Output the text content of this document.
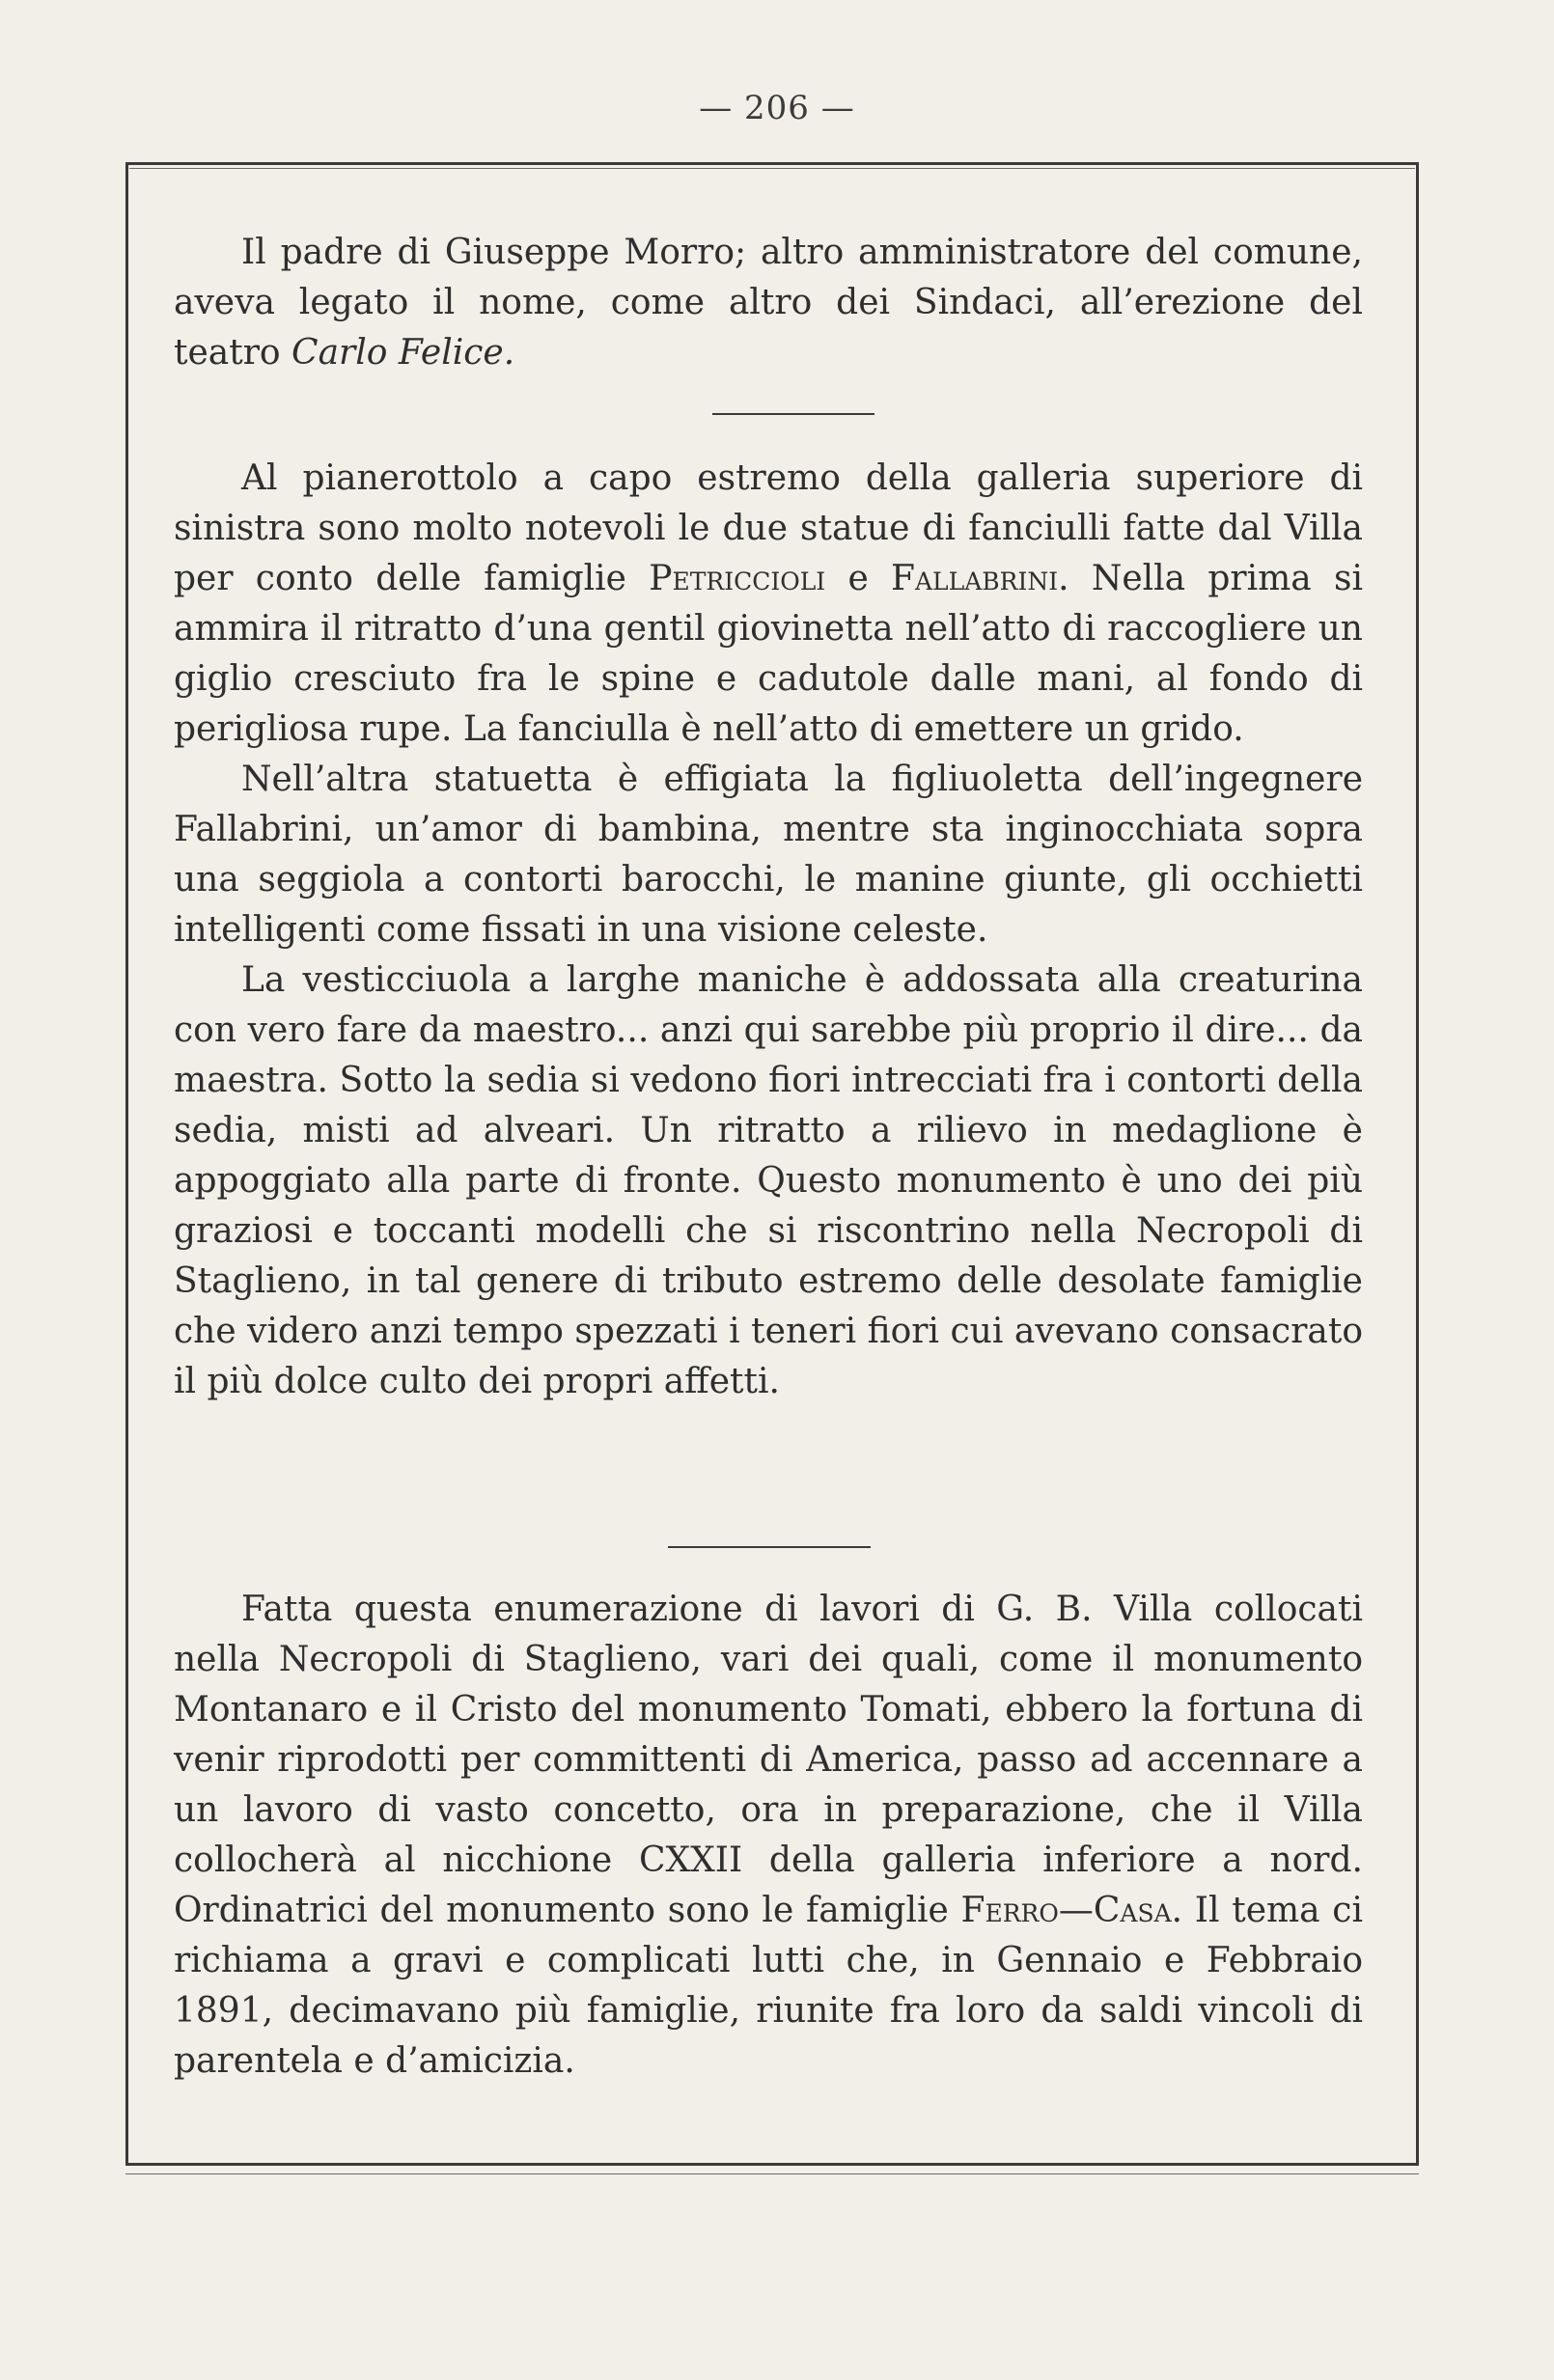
— 206 —

Il padre di Giuseppe Morro; altro amministratore del comune, aveva legato il nome, come altro dei Sindaci, all’erezione del teatro Carlo Felice.

Al pianerottolo a capo estremo della galleria superiore di sinistra sono molto notevoli le due statue di fanciulli fatte dal Villa per conto delle famiglie Petriccioli e Fallabrini. Nella prima si ammira il ritratto d’una gentil giovinetta nell’atto di raccogliere un giglio cresciuto fra le spine e cadutole dalle mani, al fondo di perigliosa rupe. La fanciulla è nell’atto di emettere un grido.

Nell’altra statuetta è effigiata la figliuoletta dell’ingegnere Fallabrini, un’amor di bambina, mentre sta inginocchiata sopra una seggiola a contorti barocchi, le manine giunte, gli occhietti intelligenti come fissati in una visione celeste.

La vesticciuola a larghe maniche è addossata alla creaturina con vero fare da maestro... anzi qui sarebbe più proprio il dire... da maestra. Sotto la sedia si vedono fiori intrecciati fra i contorti della sedia, misti ad alveari. Un ritratto a rilievo in medaglione è appoggiato alla parte di fronte. Questo monumento è uno dei più graziosi e toccanti modelli che si riscontrino nella Necropoli di Staglieno, in tal genere di tributo estremo delle desolate famiglie che videro anzi tempo spezzati i teneri fiori cui avevano consacrato il più dolce culto dei propri affetti.

Fatta questa enumerazione di lavori di G. B. Villa collocati nella Necropoli di Staglieno, vari dei quali, come il monumento Montanaro e il Cristo del monumento Tomati, ebbero la fortuna di venir riprodotti per committenti di America, passo ad accennare a un lavoro di vasto concetto, ora in preparazione, che il Villa collocherà al nicchione CXXII della galleria inferiore a nord. Ordinatrici del monumento sono le famiglie Ferro—Casa. Il tema ci richiama a gravi e complicati lutti che, in Gennaio e Febbraio 1891, decimavano più famiglie, riunite fra loro da saldi vincoli di parentela e d’amicizia.
